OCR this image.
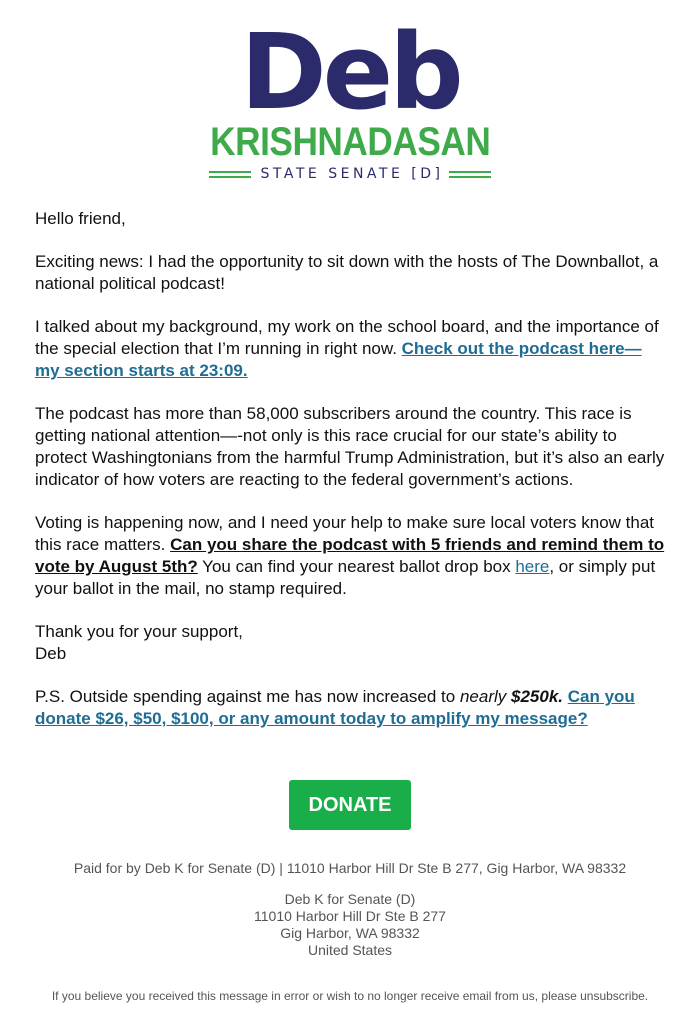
Deb
KRISHNADASAN
STATE SENATE [D]

Hello friend,

Exciting news: I had the opportunity to sit down with the hosts of The Downballot, a national political podcast!

I talked about my background, my work on the school board, and the importance of the special election that I’m running in right now. Check out the podcast here—my section starts at 23:09.

The podcast has more than 58,000 subscribers around the country. This race is getting national attention—-not only is this race crucial for our state’s ability to protect Washingtonians from the harmful Trump Administration, but it’s also an early indicator of how voters are reacting to the federal government’s actions.

Voting is happening now, and I need your help to make sure local voters know that this race matters. Can you share the podcast with 5 friends and remind them to vote by August 5th? You can find your nearest ballot drop box here, or simply put your ballot in the mail, no stamp required.

Thank you for your support,
Deb

P.S. Outside spending against me has now increased to nearly $250k. Can you donate $26, $50, $100, or any amount today to amplify my message?

DONATE
Paid for by Deb K for Senate (D) | 11010 Harbor Hill Dr Ste B 277, Gig Harbor, WA 98332
Deb K for Senate (D)
11010 Harbor Hill Dr Ste B 277
Gig Harbor, WA 98332
United States
If you believe you received this message in error or wish to no longer receive email from us, please unsubscribe.
